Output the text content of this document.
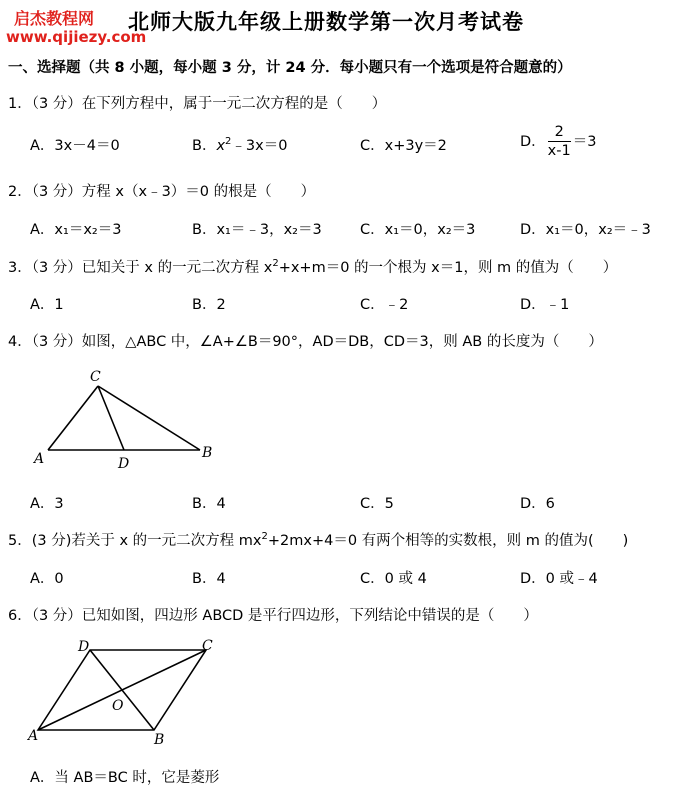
启杰教程网
www.qijiezy.com
北师大版九年级上册数学第一次月考试卷
一、选择题（共 8 小题，每小题 3 分，计 24 分．每小题只有一个选项是符合题意的）
1．（3 分）在下列方程中，属于一元二次方程的是（　　）
A．3x－4＝0	B．$x^2﹣3x=0$	C．x+3y＝2	D． $\frac{2}{x-1} =3$
2．（3 分）方程 x（x﹣3）＝0 的根是（　　）
A．x₁＝x₂＝3	B．x₁＝﹣3，x₂＝3	C．x₁＝0，x₂＝3	D．x₁＝0，x₂＝﹣3
3．（3 分）已知关于 x 的一元二次方程 $x^2+x+m=0$ 的一个根为 x＝1，则 m 的值为（　　）
A．1	B．2	C．﹣2	D．﹣1
4．（3 分）如图，△ABC 中，∠A+∠B＝90°，AD＝DB，CD＝3，则 AB 的长度为（　　）
C
A	D
B
A．3	B．4	C．5	D．6
5．(3 分)若关于 x 的一元二次方程 $mx^2+2mx+4=0$ 有两个相等的实数根，则 m 的值为(　　)
A．0	B．4	C．0 或 4	D．0 或﹣4
6．（3 分）已知如图，四边形 ABCD 是平行四边形，下列结论中错误的是（　　）
D	C
A	B
O
A．当 AB＝BC 时，它是菱形
